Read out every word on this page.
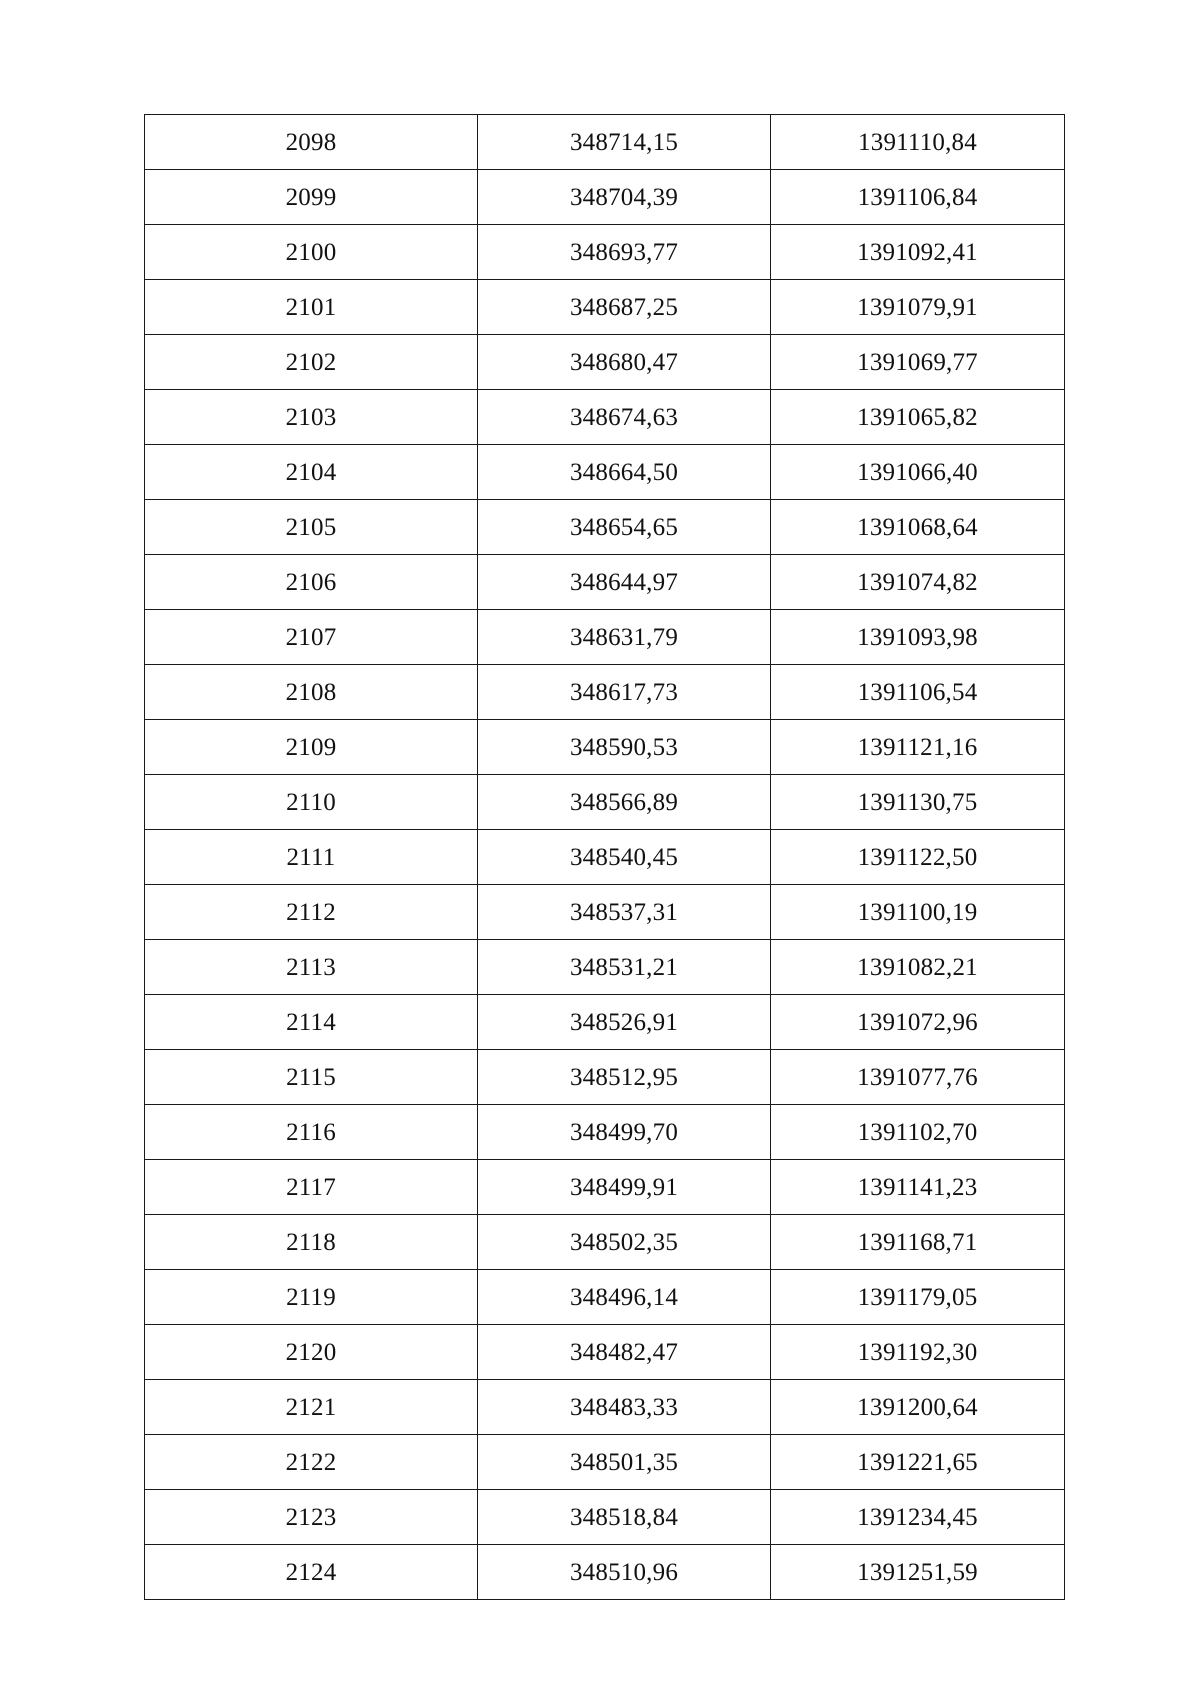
2098	348714,15	1391110,84
2099	348704,39	1391106,84
2100	348693,77	1391092,41
2101	348687,25	1391079,91
2102	348680,47	1391069,77
2103	348674,63	1391065,82
2104	348664,50	1391066,40
2105	348654,65	1391068,64
2106	348644,97	1391074,82
2107	348631,79	1391093,98
2108	348617,73	1391106,54
2109	348590,53	1391121,16
2110	348566,89	1391130,75
2111	348540,45	1391122,50
2112	348537,31	1391100,19
2113	348531,21	1391082,21
2114	348526,91	1391072,96
2115	348512,95	1391077,76
2116	348499,70	1391102,70
2117	348499,91	1391141,23
2118	348502,35	1391168,71
2119	348496,14	1391179,05
2120	348482,47	1391192,30
2121	348483,33	1391200,64
2122	348501,35	1391221,65
2123	348518,84	1391234,45
2124	348510,96	1391251,59
